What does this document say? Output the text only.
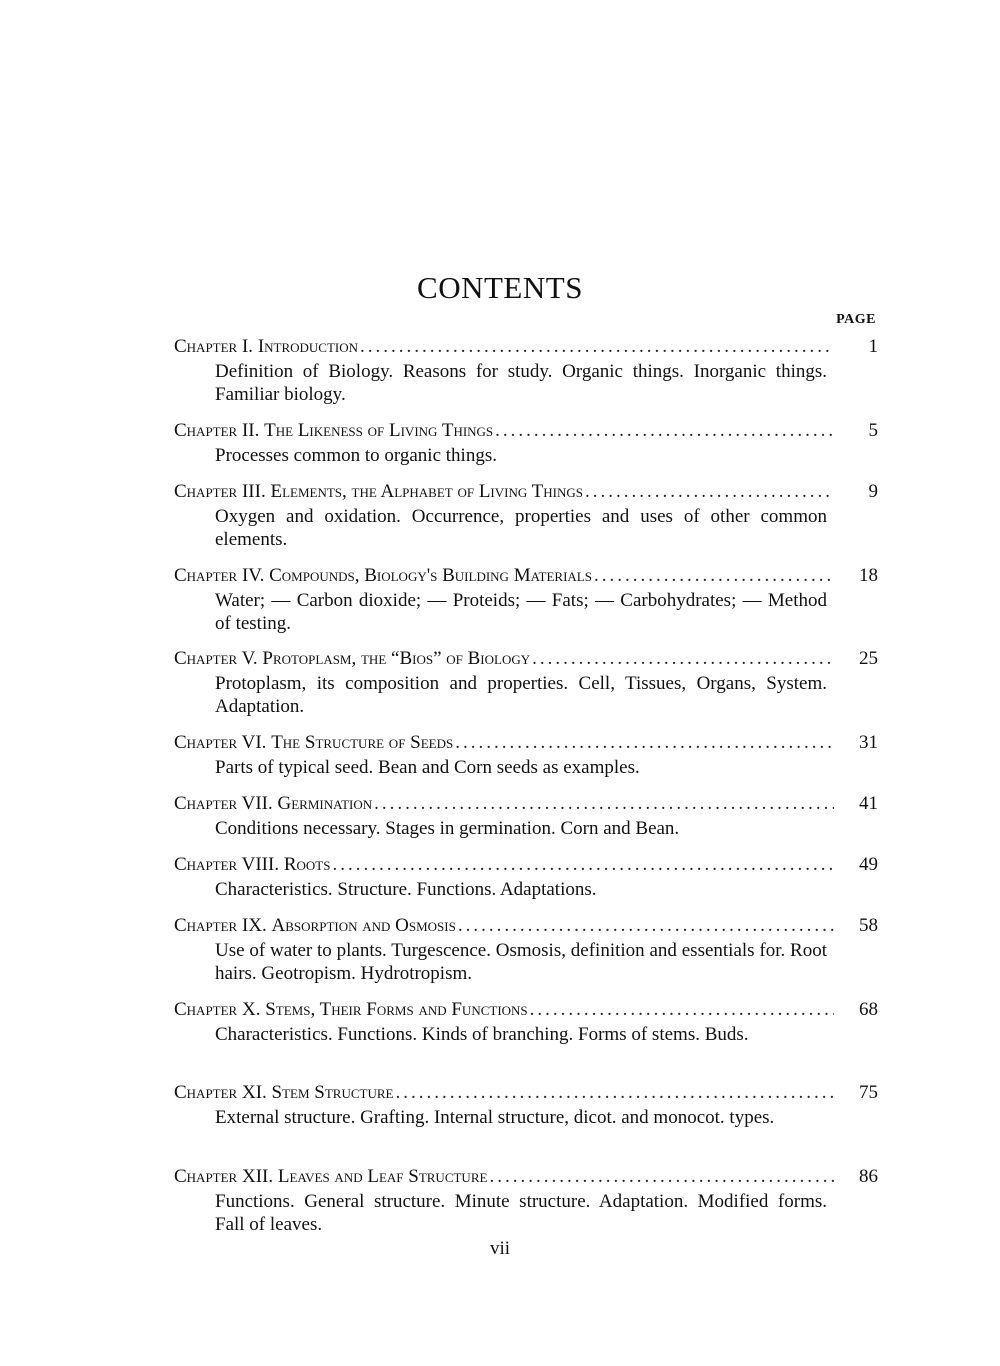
CONTENTS
PAGE
Chapter I.
Introduction .....	1
Definition of Biology. Reasons for study. Organic things. Inorganic things. Familiar biology.
Chapter II.
The Likeness of Living Things .....	5
Processes common to organic things.
Chapter III.
Elements, the Alphabet of Living Things .....	9
Oxygen and oxidation. Occurrence, properties and uses of other common elements.
Chapter IV.
Compounds, Biology's Building Materials .....	18
Water; — Carbon dioxide; — Proteids; — Fats; — Carbohydrates; — Method of testing.
Chapter V.
Protoplasm, the “Bios” of Biology .....	25
Protoplasm, its composition and properties. Cell, Tissues, Organs, System. Adaptation.
Chapter VI.
The Structure of Seeds .....	31
Parts of typical seed. Bean and Corn seeds as examples.
Chapter VII.
Germination .....	41
Conditions necessary. Stages in germination. Corn and Bean.
Chapter VIII.
Roots .....	49
Characteristics. Structure. Functions. Adaptations.
Chapter IX.
Absorption and Osmosis .....	58
Use of water to plants. Turgescence. Osmosis, definition and essentials for. Root hairs. Geotropism. Hydrotropism.
Chapter X.
Stems, Their Forms and Functions .....	68
Characteristics. Functions. Kinds of branching. Forms of stems. Buds.
Chapter XI.
Stem Structure .....	75
External structure. Grafting. Internal structure, dicot. and monocot. types.
Chapter XII.
Leaves and Leaf Structure .....	86
Functions. General structure. Minute structure. Adaptation. Modified forms. Fall of leaves.
vii
